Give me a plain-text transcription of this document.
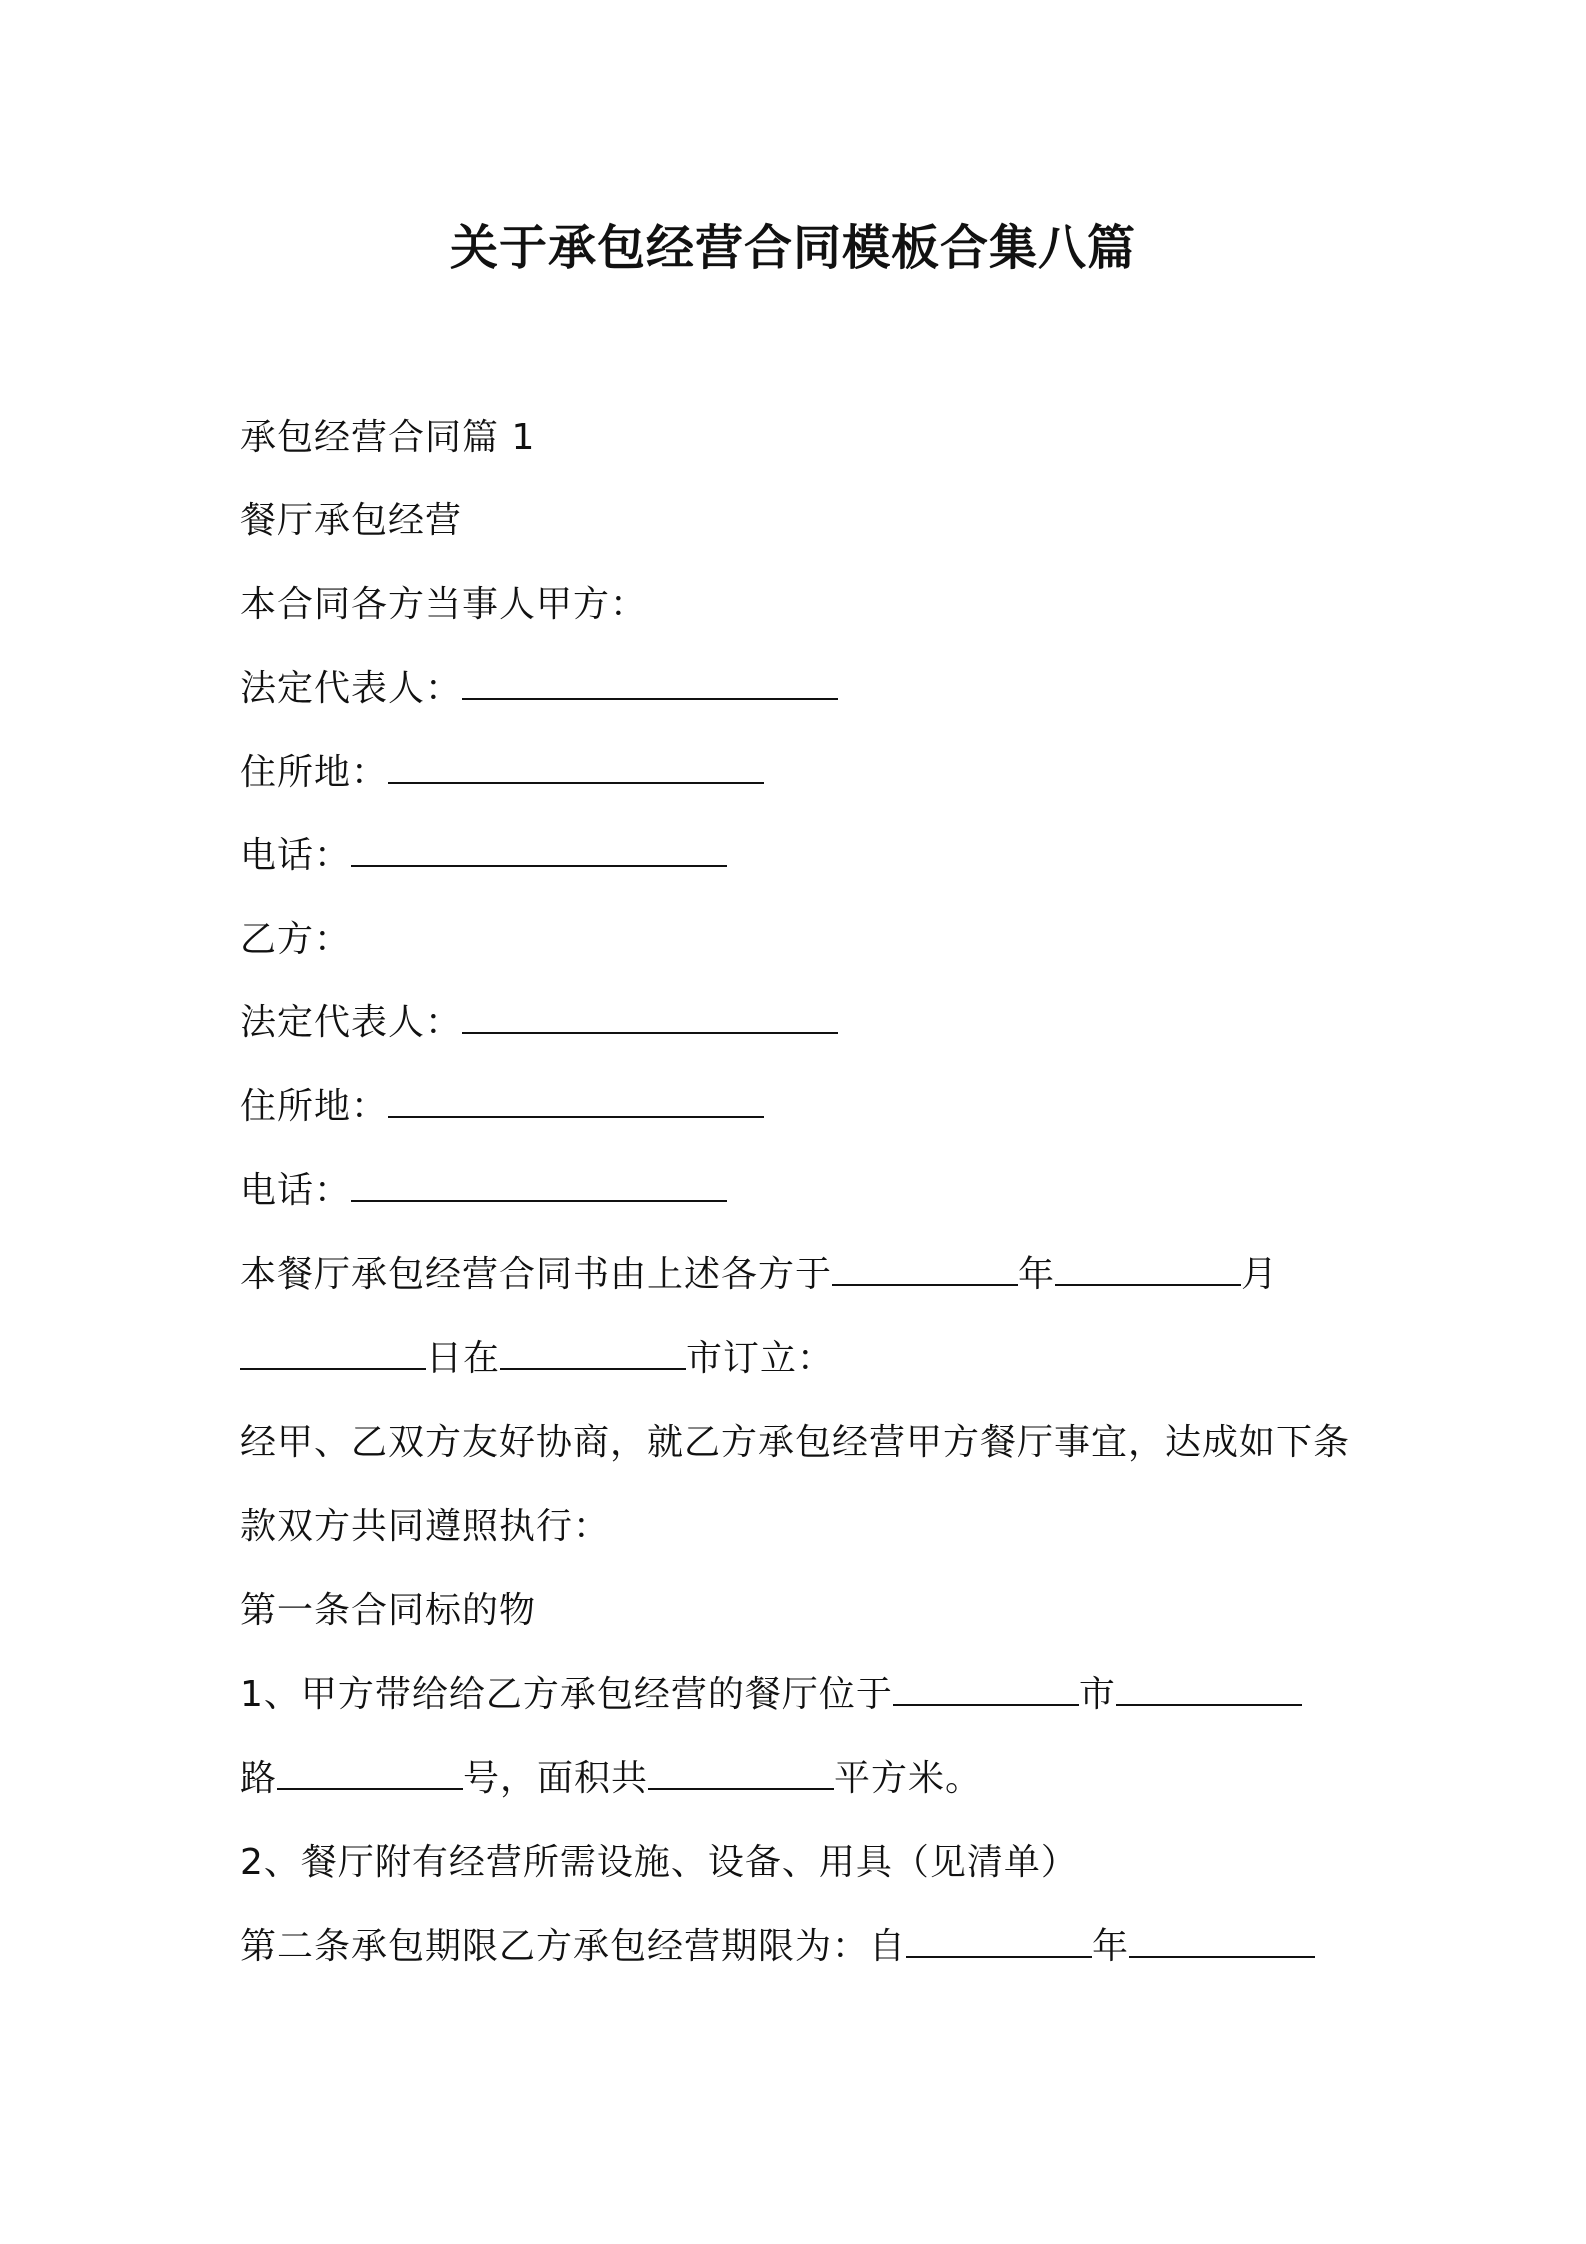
关于承包经营合同模板合集八篇
承包经营合同篇 1
餐厅承包经营
本合同各方当事人甲方：
法定代表人：
住所地：
电话：
乙方：
法定代表人：
住所地：
电话：
本餐厅承包经营合同书由上述各方于	年	月
日在	市订立：
经甲、乙双方友好协商，就乙方承包经营甲方餐厅事宜，达成如下条
款双方共同遵照执行：
第一条合同标的物
1、甲方带给给乙方承包经营的餐厅位于	市
路	号，面积共	平方米。
2、餐厅附有经营所需设施、设备、用具（见清单）
第二条承包期限乙方承包经营期限为：自	年
